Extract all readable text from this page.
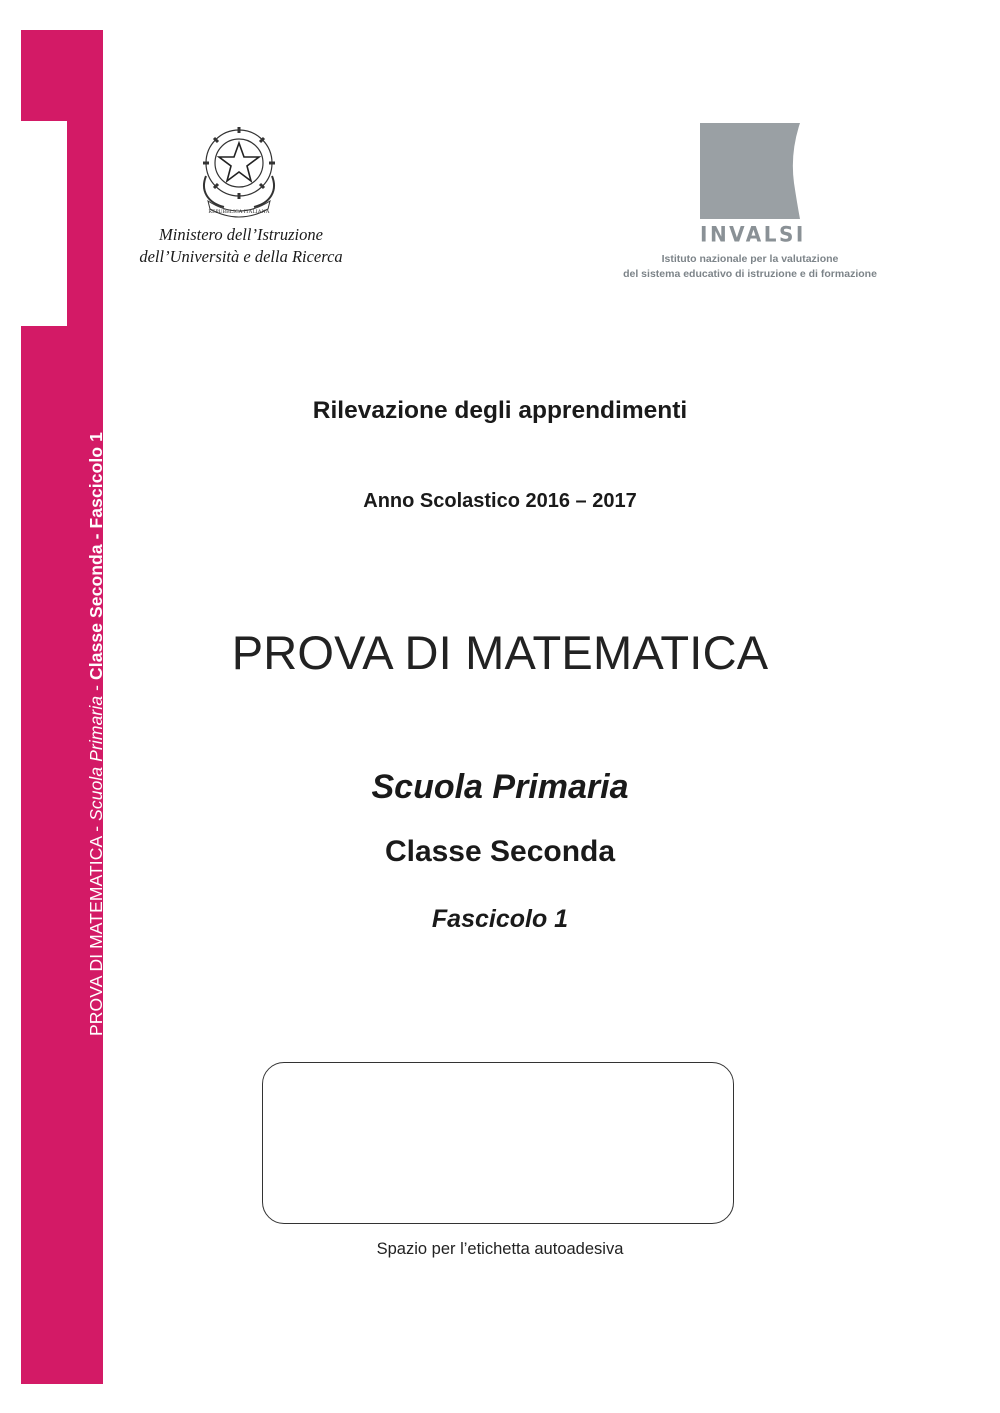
PROVA DI MATEMATICA - Scuola Primaria - Classe Seconda - Fascicolo 1
REPUBBLICA ITALIANA
Ministero dell’Istruzione
dell’Università e della Ricerca
INVALSI
Istituto nazionale per la valutazione
del sistema educativo di istruzione e di formazione
Rilevazione degli apprendimenti
Anno Scolastico 2016 – 2017
PROVA DI MATEMATICA
Scuola Primaria
Classe Seconda
Fascicolo 1
Spazio per l’etichetta autoadesiva
